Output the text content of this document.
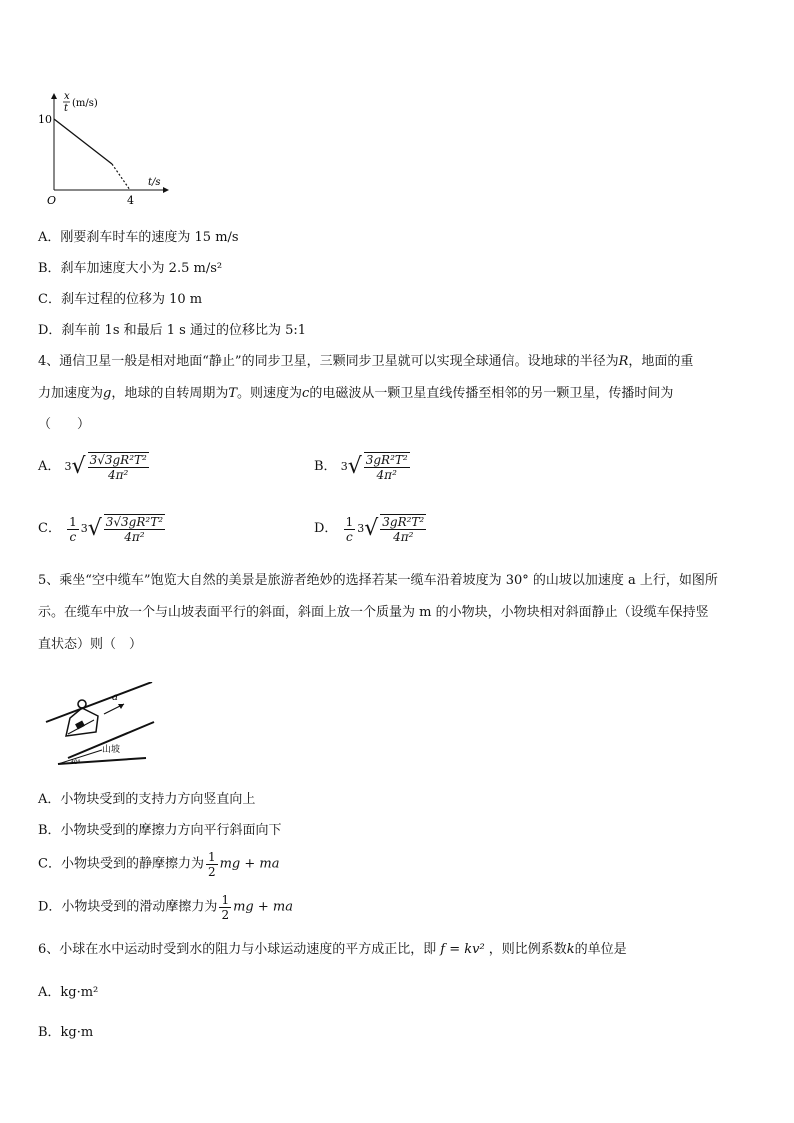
x
t (m/s)
10
4
O
t/s
A．刚要刹车时车的速度为 15 m/s
B．刹车加速度大小为 2.5 m/s²
C．刹车过程的位移为 10 m
D．刹车前 1s 和最后 1 s 通过的位移比为 5:1
4、通信卫星一般是相对地面“静止”的同步卫星，三颗同步卫星就可以实现全球通信。设地球的半径为R，地面的重
力加速度为g，地球的自转周期为T。则速度为c的电磁波从一颗卫星直线传播至相邻的另一颗卫星，传播时间为
（　　）
A． $3√ \frac{\text{3√3gR²T²}}{\text{4π²}}$	B． $3√ \frac{\text{3gR²T²}}{\text{4π²}}$
C． $\frac{1}{c} 3√ \frac{\text{3√3gR²T²}}{\text{4π²}}$	D． $\frac{1}{c} 3√ \frac{\text{3gR²T²}}{\text{4π²}}$
5、乘坐“空中缆车”饱览大自然的美景是旅游者绝妙的选择若某一缆车沿着坡度为 30° 的山坡以加速度 a 上行，如图所
示。在缆车中放一个与山坡表面平行的斜面，斜面上放一个质量为 m 的小物块，小物块相对斜面静止（设缆车保持竖
直状态）则（　）
a
山坡
30°
A．小物块受到的支持力方向竖直向上
B．小物块受到的摩擦力方向平行斜面向下
C．小物块受到的静摩擦力为 $\frac{1}{2}$ mg + ma
D．小物块受到的滑动摩擦力为 $\frac{1}{2}$ mg + ma
6、小球在水中运动时受到水的阻力与小球运动速度的平方成正比，即 f = kv² ，则比例系数k的单位是
A．kg·m²
B．kg·m
